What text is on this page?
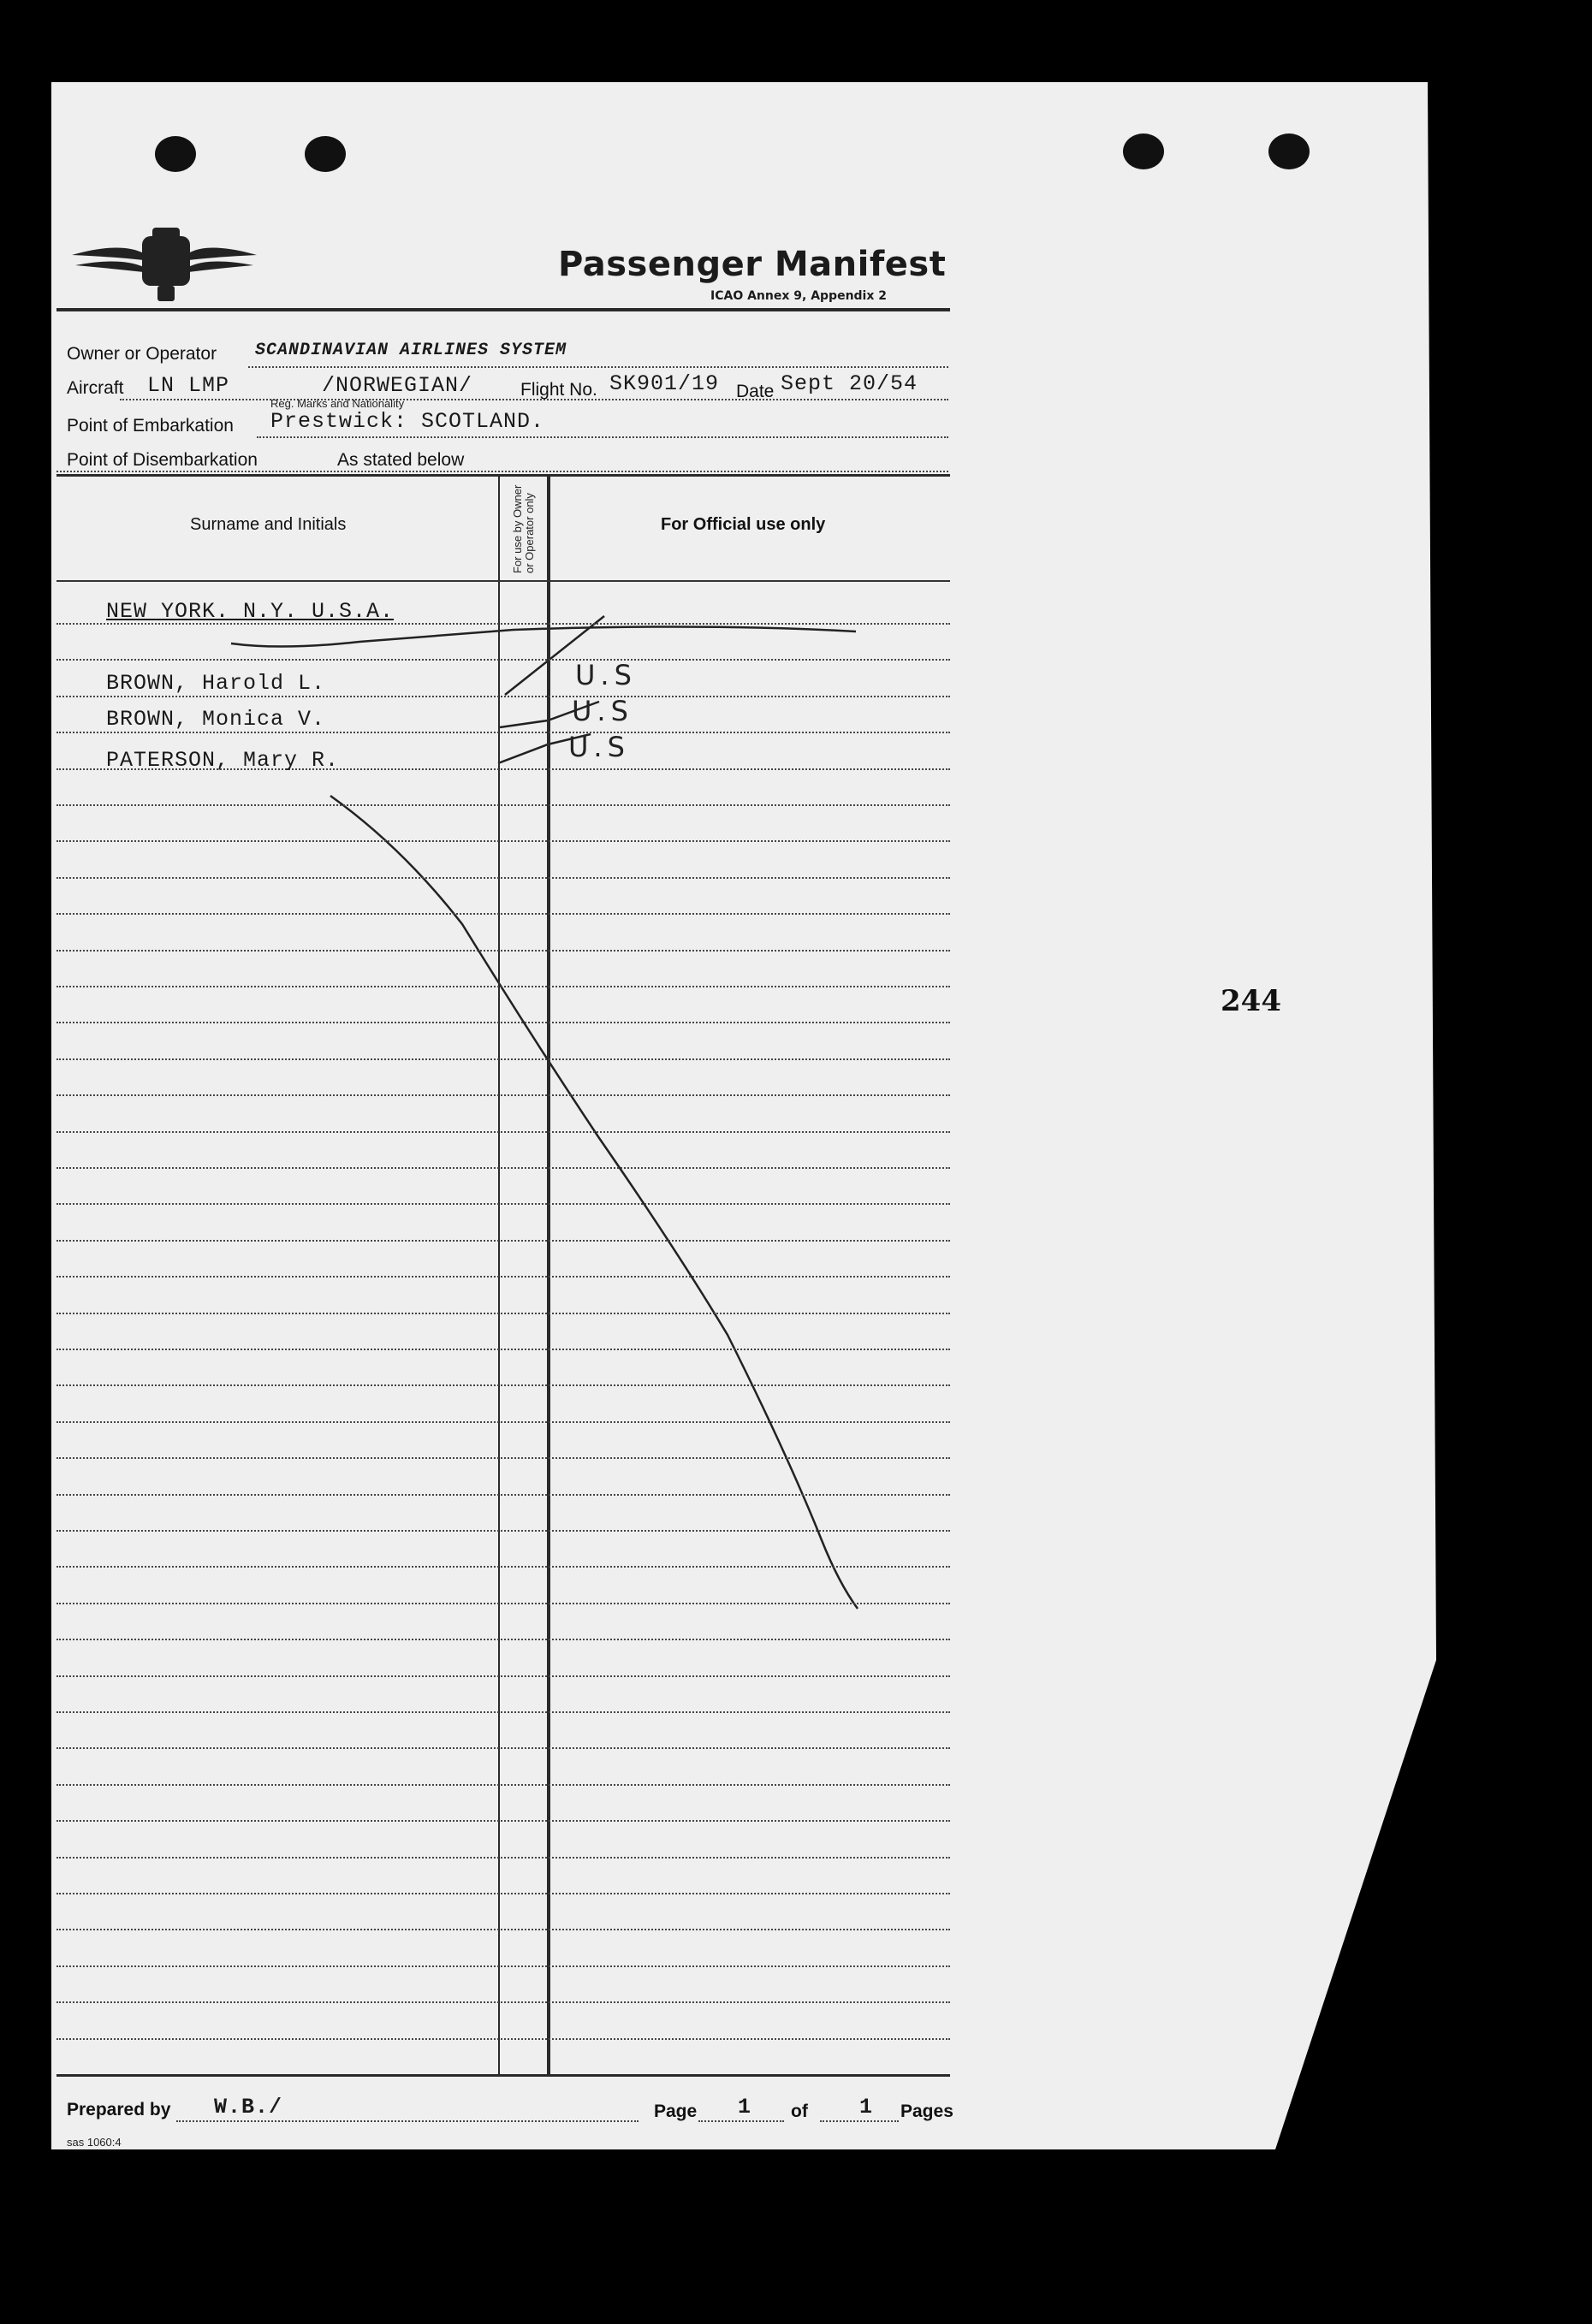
Passenger Manifest
ICAO Annex 9, Appendix 2
Owner or Operator SCANDINAVIAN AIRLINES SYSTEM
Aircraft LN LMP	/NORWEGIAN/
Reg. Marks and Nationality
Flight No. SK901/19 Date Sept 20/54
Point of Embarkation Prestwick: SCOTLAND.
Point of Disembarkation	As stated below
Surname and Initials	For use by Owner or Operator only	For Official use only
NEW YORK. N.Y. U.S.A.
BROWN, Harold L.	U.S
BROWN, Monica V.	U.S
PATERSON, Mary R.	U.S
Prepared by W.B./	Page 1 of 1 Pages
sas 1060:4
244
